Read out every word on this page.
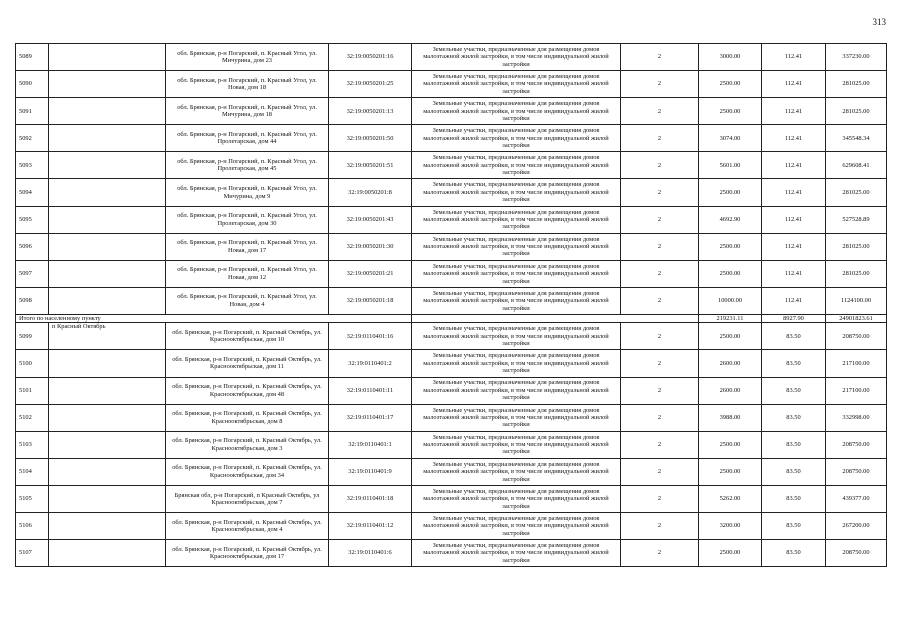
313
5089		обл. Брянская, р-н Погарский, п. Красный Угол, ул. Мичурина, дом 23	32:19:0050201:16	Земельные участки, предназначенные для размещения домов малоэтажной жилой застройки, в том числе индивидуальной жилой застройки	2	3000.00	112.41	337230.00
5090		обл. Брянская, р-н Погарский, п. Красный Угол, ул. Новая, дом 18	32:19:0050201:25	Земельные участки, предназначенные для размещения домов малоэтажной жилой застройки, в том числе индивидуальной жилой застройки	2	2500.00	112.41	281025.00
5091		обл. Брянская, р-н Погарский, п. Красный Угол, ул. Мичурина, дом 18	32:19:0050201:13	Земельные участки, предназначенные для размещения домов малоэтажной жилой застройки, в том числе индивидуальной жилой застройки	2	2500.00	112.41	281025.00
5092		обл. Брянская, р-н Погарский, п. Красный Угол, ул. Пролетарская, дом 44	32:19:0050201:50	Земельные участки, предназначенные для размещения домов малоэтажной жилой застройки, в том числе индивидуальной жилой застройки	2	3074.00	112.41	345548.34
5093		обл. Брянская, р-н Погарский, п. Красный Угол, ул. Пролетарская, дом 45	32:19:0050201:51	Земельные участки, предназначенные для размещения домов малоэтажной жилой застройки, в том числе индивидуальной жилой застройки	2	5601.00	112.41	629608.41
5094		обл. Брянская, р-н Погарский, п. Красный Угол, ул. Мичурина, дом 9	32:19:0050201:8	Земельные участки, предназначенные для размещения домов малоэтажной жилой застройки, в том числе индивидуальной жилой застройки	2	2500.00	112.41	281025.00
5095		обл. Брянская, р-н Погарский, п. Красный Угол, ул. Пролетарская, дом 30	32:19:0050201:43	Земельные участки, предназначенные для размещения домов малоэтажной жилой застройки, в том числе индивидуальной жилой застройки	2	4692.90	112.41	527528.89
5096		обл. Брянская, р-н Погарский, п. Красный Угол, ул. Новая, дом 17	32:19:0050201:30	Земельные участки, предназначенные для размещения домов малоэтажной жилой застройки, в том числе индивидуальной жилой застройки	2	2500.00	112.41	281025.00
5097		обл. Брянская, р-н Погарский, п. Красный Угол, ул. Новая, дом 12	32:19:0050201:21	Земельные участки, предназначенные для размещения домов малоэтажной жилой застройки, в том числе индивидуальной жилой застройки	2	2500.00	112.41	281025.00
5098		обл. Брянская, р-н Погарский, п. Красный Угол, ул. Новая, дом 4	32:19:0050201:18	Земельные участки, предназначенные для размещения домов малоэтажной жилой застройки, в том числе индивидуальной жилой застройки	2	10000.00	112.41	1124100.00
Итого по населенному пункту						219231.11	8927.90	24901823.61
5099	п Красный Октябрь	обл. Брянская, р-н Погарский, п. Красный Октябрь, ул. Краснооктябрьская, дом 10	32:19:0110401:16	Земельные участки, предназначенные для размещения домов малоэтажной жилой застройки, в том числе индивидуальной жилой застройки	2	2500.00	83.50	208750.00
5100		обл. Брянская, р-н Погарский, п. Красный Октябрь, ул. Краснооктябрьская, дом 11	32:19:0110401:2	Земельные участки, предназначенные для размещения домов малоэтажной жилой застройки, в том числе индивидуальной жилой застройки	2	2600.00	83.50	217100.00
5101		обл. Брянская, р-н Погарский, п. Красный Октябрь, ул. Краснооктябрьская, дом 48	32:19:0110401:11	Земельные участки, предназначенные для размещения домов малоэтажной жилой застройки, в том числе индивидуальной жилой застройки	2	2600.00	83.50	217100.00
5102		обл. Брянская, р-н Погарский, п. Красный Октябрь, ул. Краснооктябрьская, дом 8	32:19:0110401:17	Земельные участки, предназначенные для размещения домов малоэтажной жилой застройки, в том числе индивидуальной жилой застройки	2	3988.00	83.50	332998.00
5103		обл. Брянская, р-н Погарский, п. Красный Октябрь, ул. Краснооктябрьская, дом 3	32:19:0110401:1	Земельные участки, предназначенные для размещения домов малоэтажной жилой застройки, в том числе индивидуальной жилой застройки	2	2500.00	83.50	208750.00
5104		обл. Брянская, р-н Погарский, п. Красный Октябрь, ул. Краснооктябрьская, дом 34	32:19:0110401:9	Земельные участки, предназначенные для размещения домов малоэтажной жилой застройки, в том числе индивидуальной жилой застройки	2	2500.00	83.50	208750.00
5105		Брянская обл, р-н Погарский, п Красный Октябрь, ул Краснооктябрьская, дом 7	32:19:0110401:18	Земельные участки, предназначенные для размещения домов малоэтажной жилой застройки, в том числе индивидуальной жилой застройки	2	5262.00	83.50	439377.00
5106		обл. Брянская, р-н Погарский, п. Красный Октябрь, ул. Краснооктябрьская, дом 4	32:19:0110401:12	Земельные участки, предназначенные для размещения домов малоэтажной жилой застройки, в том числе индивидуальной жилой застройки	2	3200.00	83.50	267200.00
5107		обл. Брянская, р-н Погарский, п. Красный Октябрь, ул. Краснооктябрьская, дом 17	32:19:0110401:6	Земельные участки, предназначенные для размещения домов малоэтажной жилой застройки, в том числе индивидуальной жилой застройки	2	2500.00	83.50	208750.00
